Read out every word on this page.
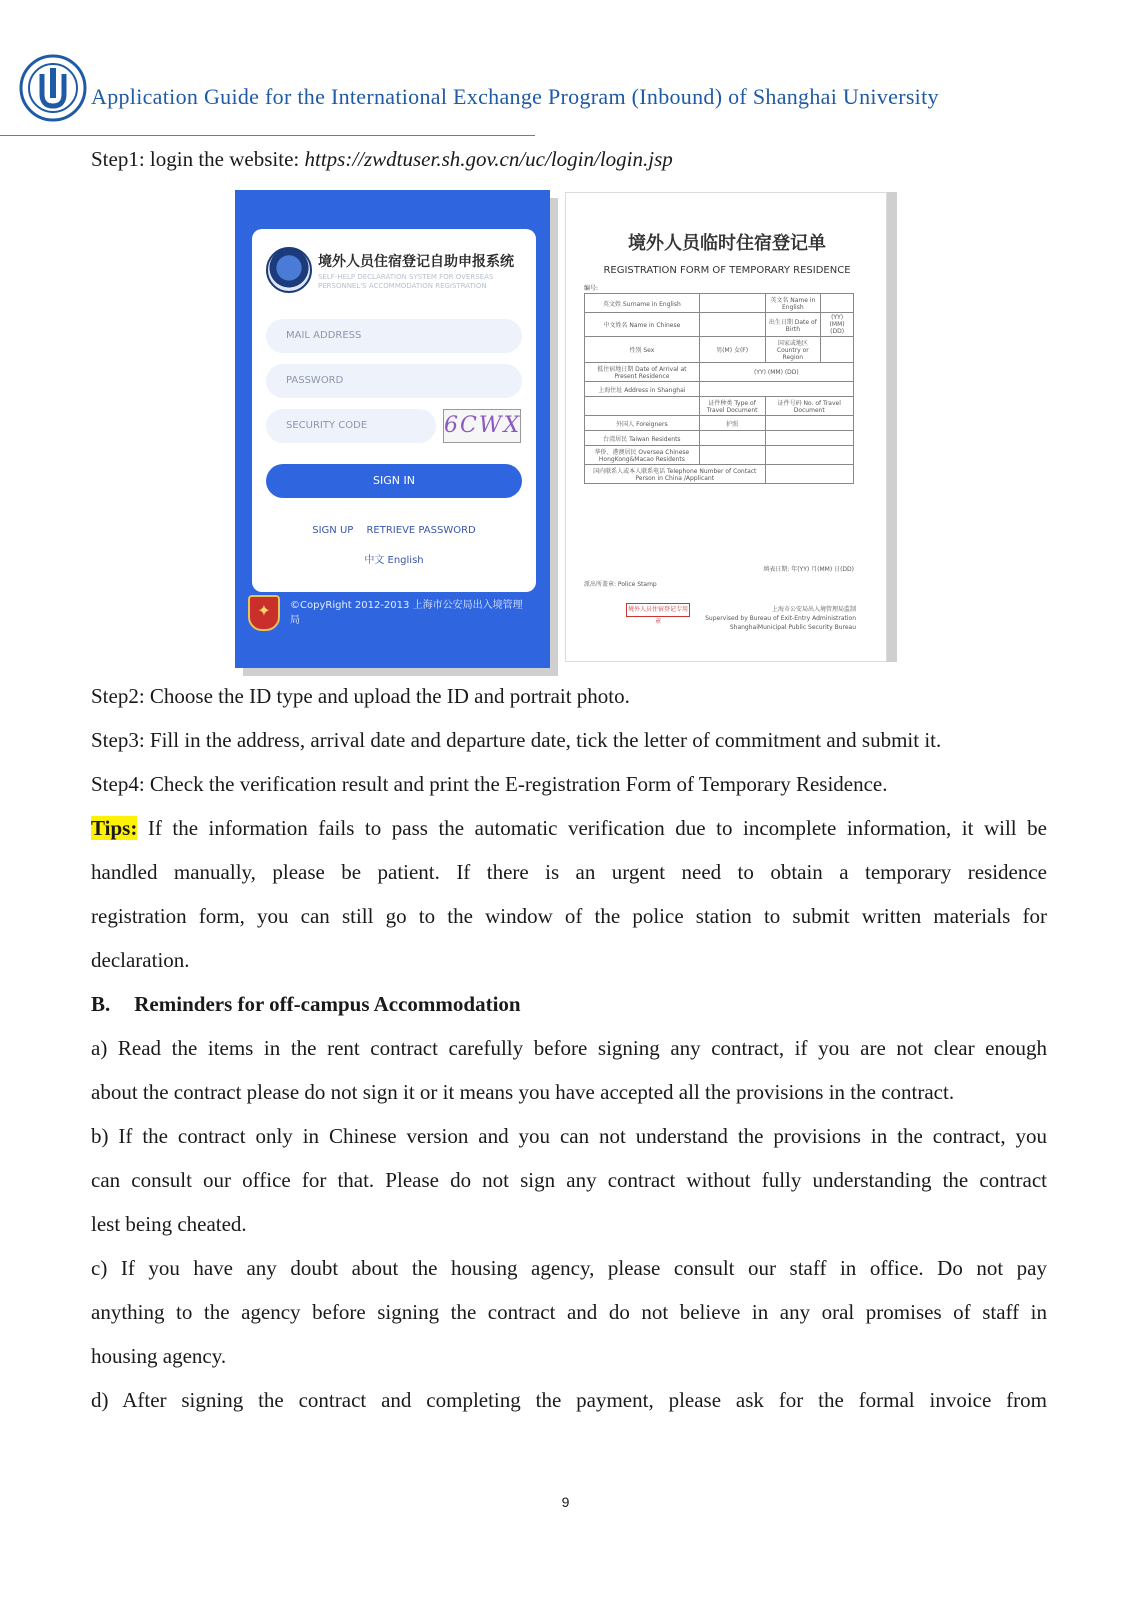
Application Guide for the International Exchange Program (Inbound) of Shanghai University
Step1: login the website: https://zwdtuser.sh.gov.cn/uc/login/login.jsp
境外人员住宿登记自助申报系统
SELF-HELP DECLARATION SYSTEM FOR OVERSEAS PERSONNEL'S ACCOMMODATION REGISTRATION
MAIL ADDRESS
PASSWORD
SECURITY CODE	6CWX
SIGN IN
SIGN UP RETRIEVE PASSWORD
中文 English
✦	©CopyRight 2012-2013 上海市公安局出入境管理局
境外人员临时住宿登记单
REGISTRATION FORM OF TEMPORARY RESIDENCE
编号:
英文姓 Surname in English		英文名 Name in English	
中文姓名 Name in Chinese		出生日期 Date of Birth	(YY) (MM) (DD)
性别 Sex	男(M) 女(F)	国家或地区 Country or Region	
抵住宿地日期 Date of Arrival at Present Residence	(YY) (MM) (DD)		
上海住址 Address in Shanghai			
	证件种类 Type of Travel Document	证件号码 No. of Travel Document	
外国人 Foreigners	护照		
台湾居民 Taiwan Residents			
华侨、港澳居民 Oversea Chinese HongKong&Macao Residents			
国内联系人或本人联系电话 Telephone Number of Contact Person in China /Applicant			
填表日期: 年(YY) 月(MM) 日(DD)
派出所盖章: Police Stamp
境外人员住宿登记专用章
上海市公安局出入境管理局监制
Supervised by Bureau of Exit-Entry Administration ShanghaiMunicipal Public Security Bureau
Step2: Choose the ID type and upload the ID and portrait photo.
Step3: Fill in the address, arrival date and departure date, tick the letter of commitment and submit it.
Step4: Check the verification result and print the E-registration Form of Temporary Residence.
Tips: If the information fails to pass the automatic verification due to incomplete information, it will be
handled manually, please be patient. If there is an urgent need to obtain a temporary residence
registration form, you can still go to the window of the police station to submit written materials for
declaration.
B. Reminders for off-campus Accommodation
a) Read the items in the rent contract carefully before signing any contract, if you are not clear enough
about the contract please do not sign it or it means you have accepted all the provisions in the contract.
b) If the contract only in Chinese version and you can not understand the provisions in the contract, you
can consult our office for that. Please do not sign any contract without fully understanding the contract
lest being cheated.
c) If you have any doubt about the housing agency, please consult our staff in office. Do not pay
anything to the agency before signing the contract and do not believe in any oral promises of staff in
housing agency.
d) After signing the contract and completing the payment, please ask for the formal invoice from
9
